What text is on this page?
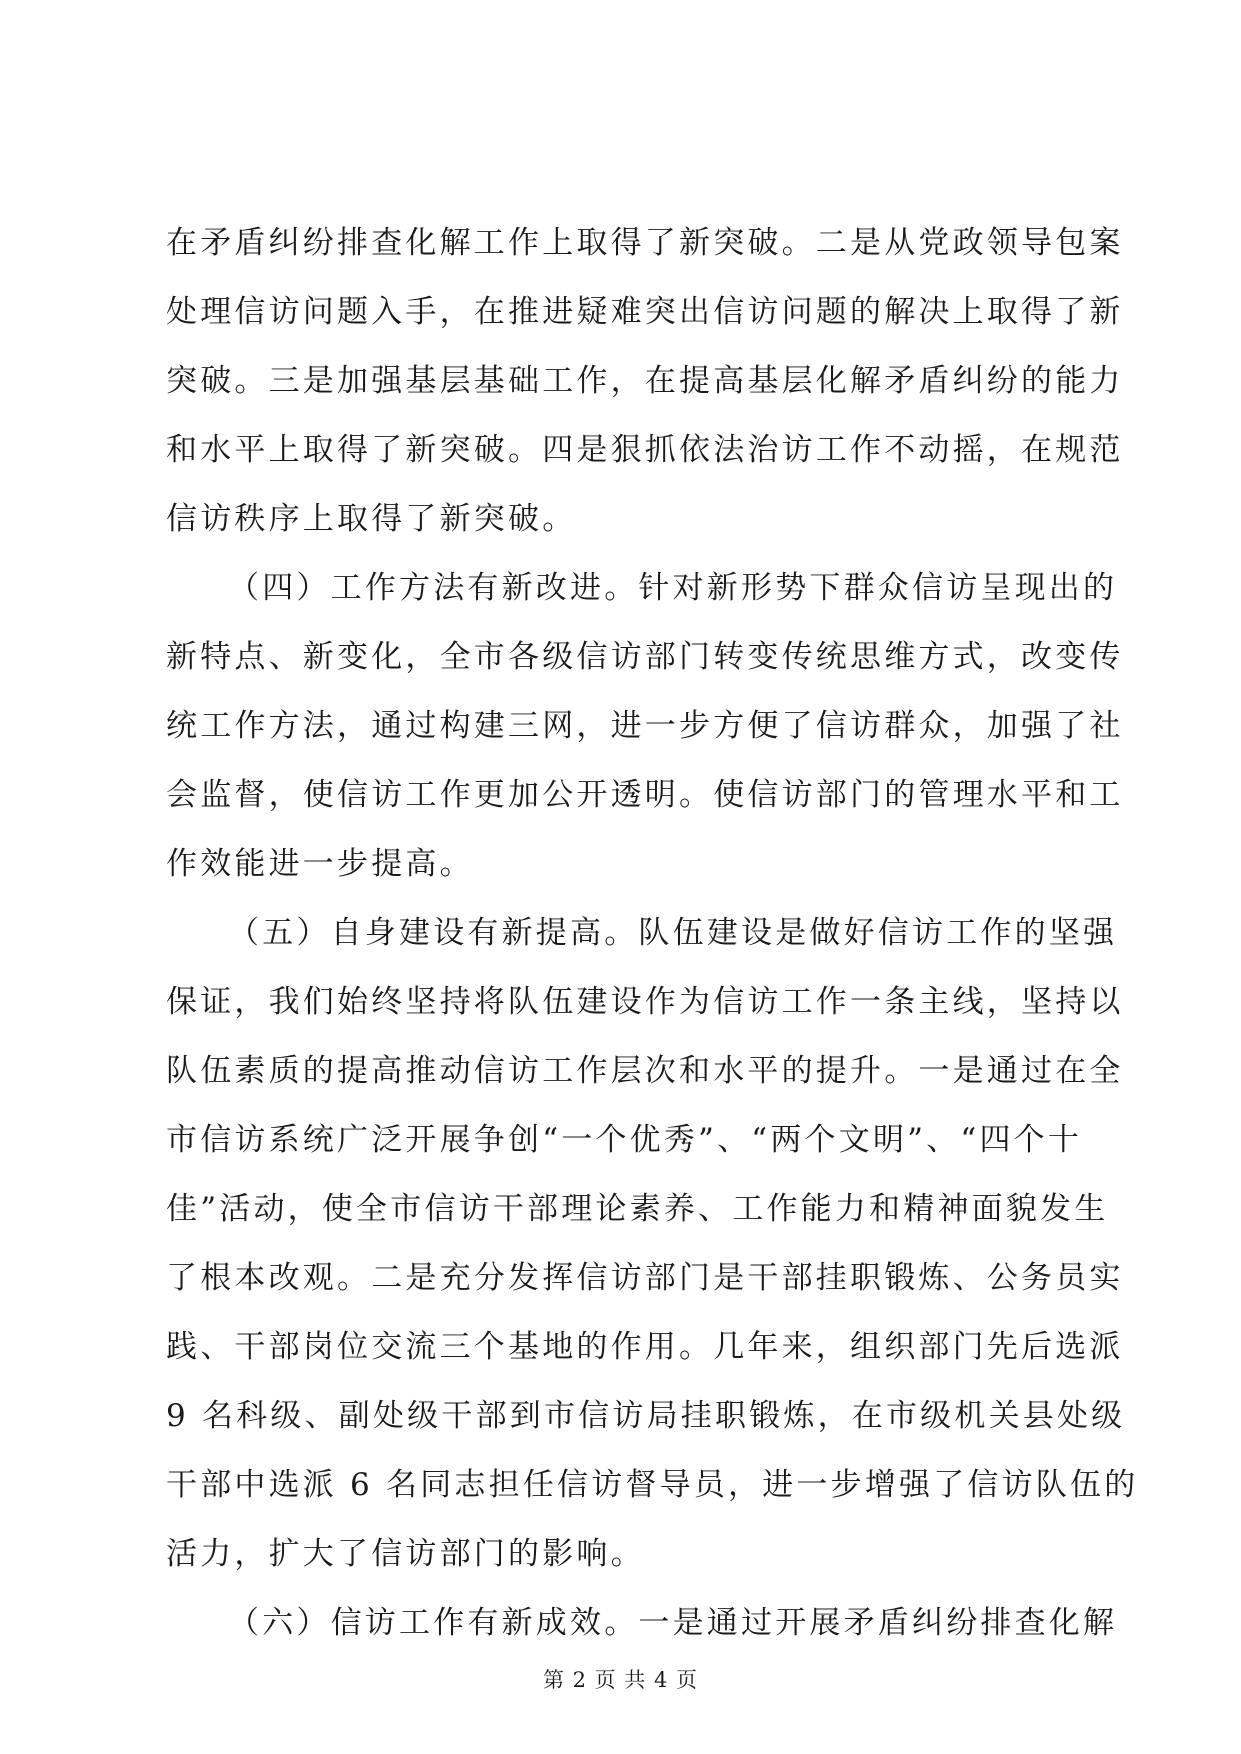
在矛盾纠纷排查化解工作上取得了新突破。二是从党政领导包案
处理信访问题入手，在推进疑难突出信访问题的解决上取得了新
突破。三是加强基层基础工作，在提高基层化解矛盾纠纷的能力
和水平上取得了新突破。四是狠抓依法治访工作不动摇，在规范
信访秩序上取得了新突破。
（四）工作方法有新改进。针对新形势下群众信访呈现出的
新特点、新变化，全市各级信访部门转变传统思维方式，改变传
统工作方法，通过构建三网，进一步方便了信访群众，加强了社
会监督，使信访工作更加公开透明。使信访部门的管理水平和工
作效能进一步提高。
（五）自身建设有新提高。队伍建设是做好信访工作的坚强
保证，我们始终坚持将队伍建设作为信访工作一条主线，坚持以
队伍素质的提高推动信访工作层次和水平的提升。一是通过在全
市信访系统广泛开展争创“一个优秀”、“两个文明”、“四个十
佳”活动，使全市信访干部理论素养、工作能力和精神面貌发生
了根本改观。二是充分发挥信访部门是干部挂职锻炼、公务员实
践、干部岗位交流三个基地的作用。几年来，组织部门先后选派
9 名科级、副处级干部到市信访局挂职锻炼，在市级机关县处级
干部中选派 6 名同志担任信访督导员，进一步增强了信访队伍的
活力，扩大了信访部门的影响。
（六）信访工作有新成效。一是通过开展矛盾纠纷排查化解
第 2 页 共 4 页
